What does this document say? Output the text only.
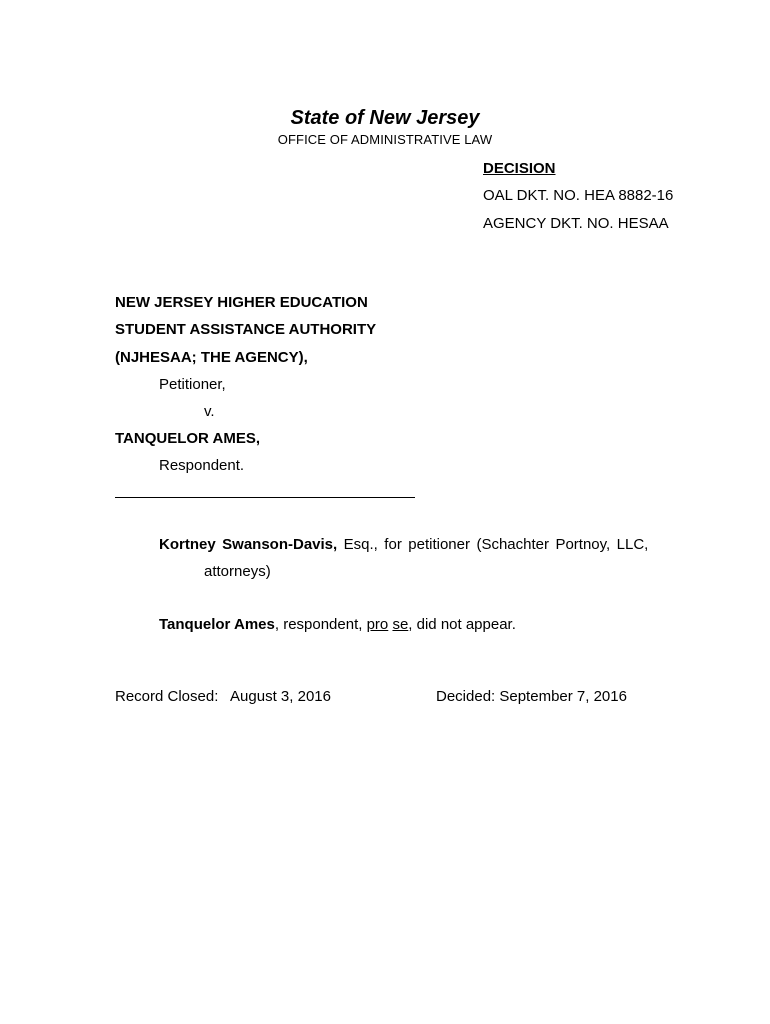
State of New Jersey
OFFICE OF ADMINISTRATIVE LAW
DECISION
OAL DKT. NO. HEA 8882-16
AGENCY DKT. NO. HESAA
NEW JERSEY HIGHER EDUCATION
STUDENT ASSISTANCE AUTHORITY
(NJHESAA; THE AGENCY),
Petitioner,
v.
TANQUELOR AMES,
Respondent.
Kortney Swanson-Davis, Esq., for petitioner (Schachter Portnoy, LLC,
attorneys)
Tanquelor Ames, respondent, pro se, did not appear.
Record Closed:   August 3, 2016	Decided: September 7, 2016
